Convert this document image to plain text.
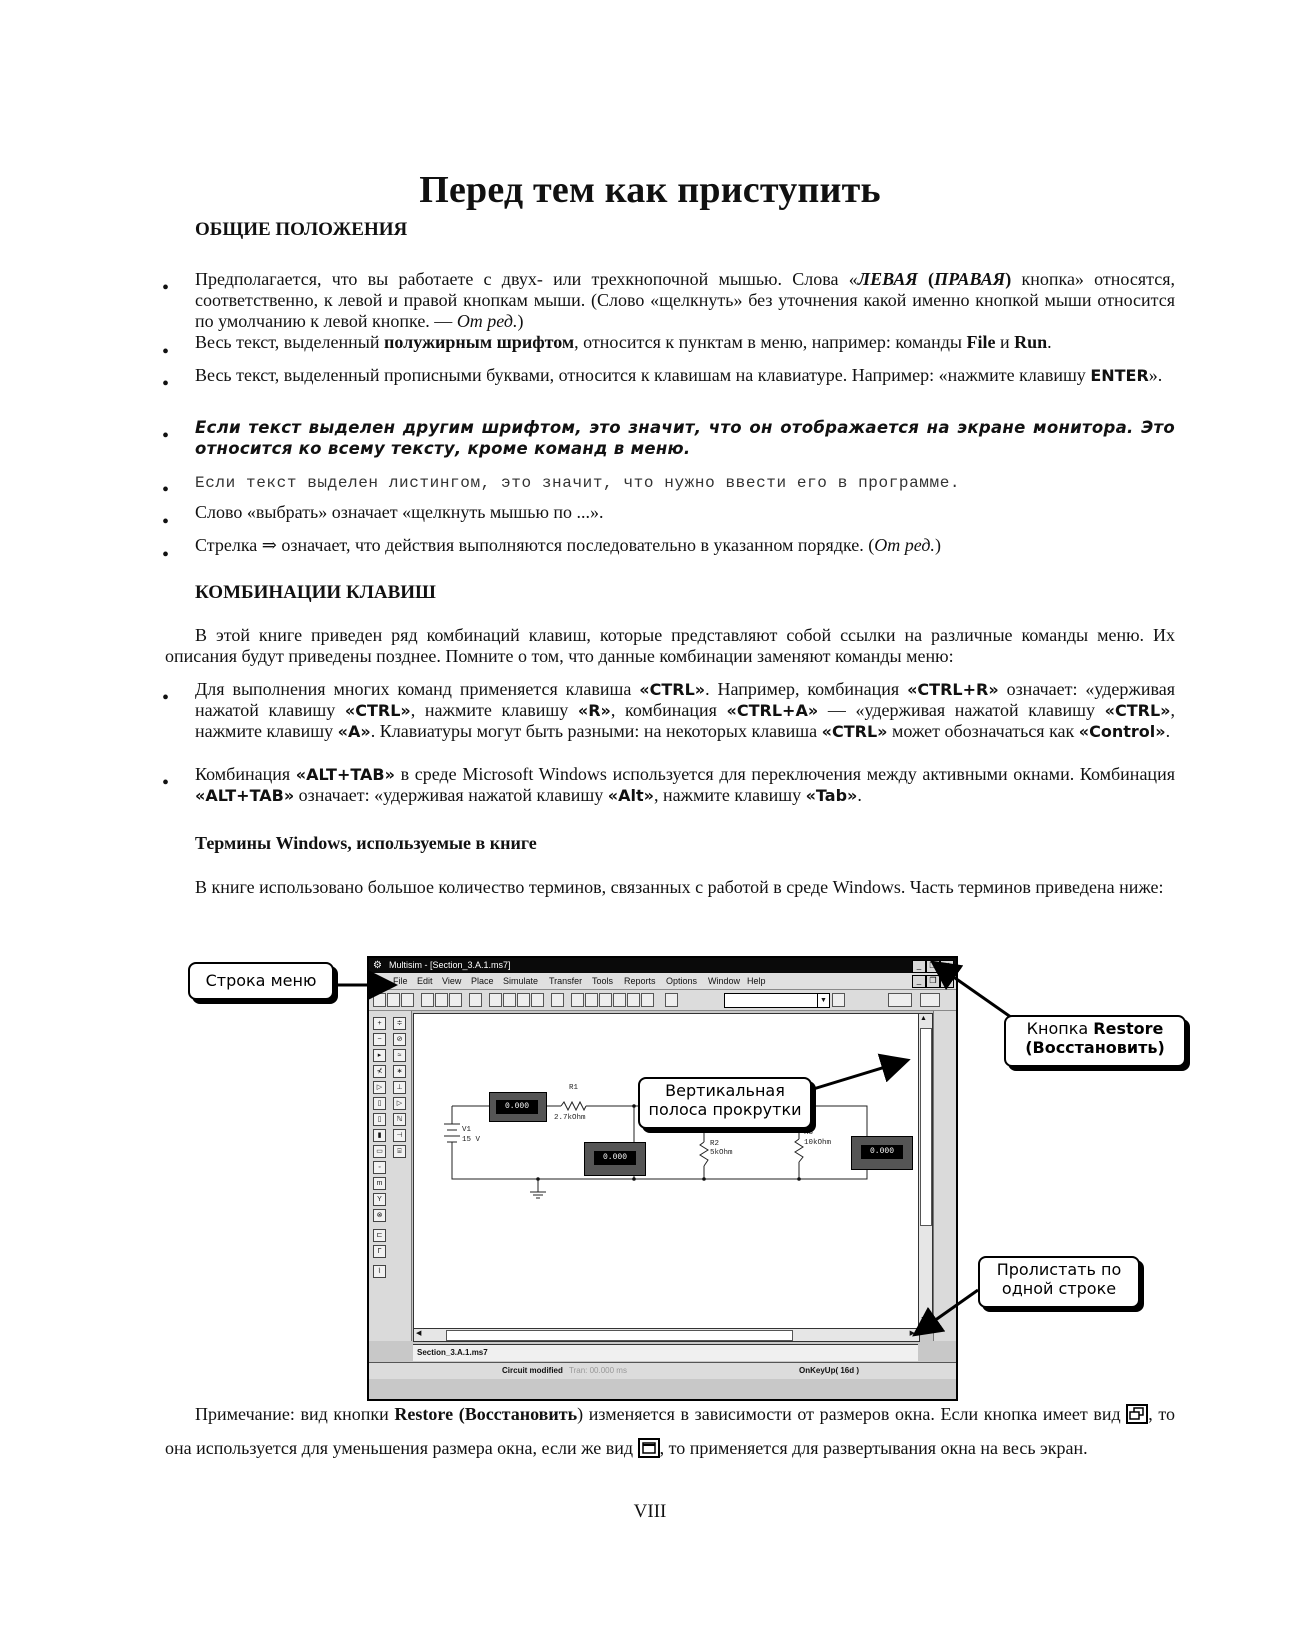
Перед тем как приступить

ОБЩИЕ ПОЛОЖЕНИЯ

• Предполагается, что вы работаете с двух- или трехкнопочной мышью. Слова «ЛЕВАЯ (ПРАВАЯ) кнопка» относятся, соответственно, к левой и правой кнопкам мыши. (Слово «щелкнуть» без уточнения какой именно кнопкой мыши относится по умолчанию к левой кнопке. — От ред.)

• Весь текст, выделенный полужирным шрифтом, относится к пунктам в меню, например: команды File и Run.

• Весь текст, выделенный прописными буквами, относится к клавишам на клавиатуре. Например: «нажмите клавишу ENTER».

• Если текст выделен другим шрифтом, это значит, что он отображается на экране монитора. Это относится ко всему тексту, кроме команд в меню.

• Если текст выделен листингом, это значит, что нужно ввести его в программе.

• Слово «выбрать» означает «щелкнуть мышью по ...».

• Стрелка ⇒ означает, что действия выполняются последовательно в указанном порядке. (От ред.)

КОМБИНАЦИИ КЛАВИШ

В этой книге приведен ряд комбинаций клавиш, которые представляют собой ссылки на различные команды меню. Их описания будут приведены позднее. Помните о том, что данные комбинации заменяют команды меню:

• Для выполнения многих команд применяется клавиша «CTRL». Например, комбинация «CTRL+R» означает: «удерживая нажатой клавишу «CTRL», нажмите клавишу «R», комбинация «CTRL+A» — «удерживая нажатой клавишу «CTRL», нажмите клавишу «A». Клавиатуры могут быть разными: на некоторых клавиша «CTRL» может обозначаться как «Control».

• Комбинация «ALT+TAB» в среде Microsoft Windows используется для переключения между активными окнами. Комбинация «ALT+TAB» означает: «удерживая нажатой клавишу «Alt», нажмите клавишу «Tab».

Термины Windows, используемые в книге

В книге использовано большое количество терминов, связанных с работой в среде Windows. Часть терминов приведена ниже:

⚙ Multisim - [Section_3.A.1.ms7]	_	❐ ✕
▤ File Edit View Place Simulate Transfer Tools Reports Options Window Help	_	❐ ✕
▼
+
~
▸
⊀
▷
▯
▯
▮
▭
◦
m
Y
⊗
⊏
Γ
⌇
≑
⊘
≈
∗
⊥
▷
ℕ
⊣
⌸
0.000
0.000
0.000
R1
2.7kOhm
R2
5kOhm
R3
10kOhm
V1
15 V
▲
▼
◀	▶
Section_3.A.1.ms7
Circuit modified Tran: 00.000 ms	OnKeyUp( 16d )
Строка меню
Кнопка Restore
(Восстановить)
Вертикальная полоса прокрутки
Пролистать по одной строке

Примечание: вид кнопки Restore (Восстановить) изменяется в зависимости от размеров окна. Если кнопка имеет вид
, то она используется для уменьшения размера окна, если же вид
, то применяется для развертывания окна на весь экран.

VIII
